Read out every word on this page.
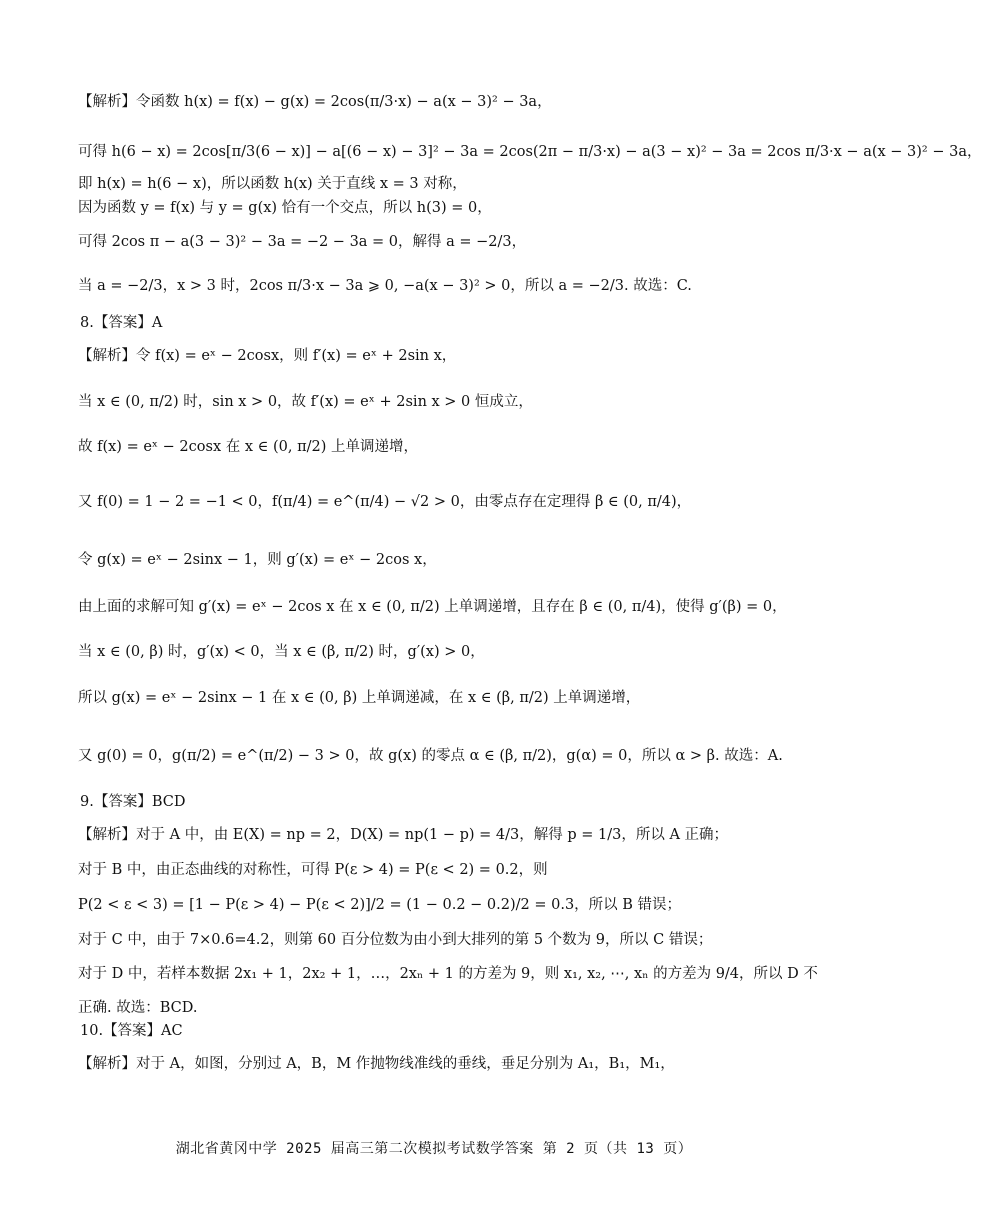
【解析】令函数 h(x) = f(x) − g(x) = 2cos(π/3·x) − a(x − 3)² − 3a，
可得 h(6 − x) = 2cos[π/3(6 − x)] − a[(6 − x) − 3]² − 3a = 2cos(2π − π/3·x) − a(3 − x)² − 3a = 2cos π/3·x − a(x − 3)² − 3a，
即 h(x) = h(6 − x)，所以函数 h(x) 关于直线 x = 3 对称，
因为函数 y = f(x) 与 y = g(x) 恰有一个交点，所以 h(3) = 0，
可得 2cos π − a(3 − 3)² − 3a = −2 − 3a = 0，解得 a = −2/3，
当 a = −2/3，x > 3 时，2cos π/3·x − 3a ⩾ 0, −a(x − 3)² > 0，所以 a = −2/3. 故选：C.
8.【答案】A
【解析】令 f(x) = eˣ − 2cosx，则 f′(x) = eˣ + 2sin x，
当 x ∈ (0, π/2) 时，sin x > 0，故 f′(x) = eˣ + 2sin x > 0 恒成立，
故 f(x) = eˣ − 2cosx 在 x ∈ (0, π/2) 上单调递增，
又 f(0) = 1 − 2 = −1 < 0，f(π/4) = e^(π/4) − √2 > 0，由零点存在定理得 β ∈ (0, π/4)，
令 g(x) = eˣ − 2sinx − 1，则 g′(x) = eˣ − 2cos x，
由上面的求解可知 g′(x) = eˣ − 2cos x 在 x ∈ (0, π/2) 上单调递增，且存在 β ∈ (0, π/4)，使得 g′(β) = 0，
当 x ∈ (0, β) 时，g′(x) < 0，当 x ∈ (β, π/2) 时，g′(x) > 0，
所以 g(x) = eˣ − 2sinx − 1 在 x ∈ (0, β) 上单调递减，在 x ∈ (β, π/2) 上单调递增，
又 g(0) = 0，g(π/2) = e^(π/2) − 3 > 0，故 g(x) 的零点 α ∈ (β, π/2)，g(α) = 0，所以 α > β. 故选：A.
9.【答案】BCD
【解析】对于 A 中，由 E(X) = np = 2，D(X) = np(1 − p) = 4/3，解得 p = 1/3，所以 A 正确；
对于 B 中，由正态曲线的对称性，可得 P(ε > 4) = P(ε < 2) = 0.2，则
P(2 < ε < 3) = [1 − P(ε > 4) − P(ε < 2)]/2 = (1 − 0.2 − 0.2)/2 = 0.3，所以 B 错误；
对于 C 中，由于 7×0.6=4.2，则第 60 百分位数为由小到大排列的第 5 个数为 9，所以 C 错误；
对于 D 中，若样本数据 2x₁ + 1，2x₂ + 1，…，2xₙ + 1 的方差为 9，则 x₁, x₂, ⋯, xₙ 的方差为 9/4，所以 D 不
正确. 故选：BCD.
10.【答案】AC
【解析】对于 A，如图，分别过 A，B，M 作抛物线准线的垂线，垂足分别为 A₁，B₁，M₁，
湖北省黄冈中学 2025 届高三第二次模拟考试数学答案 第 2 页（共 13 页）
